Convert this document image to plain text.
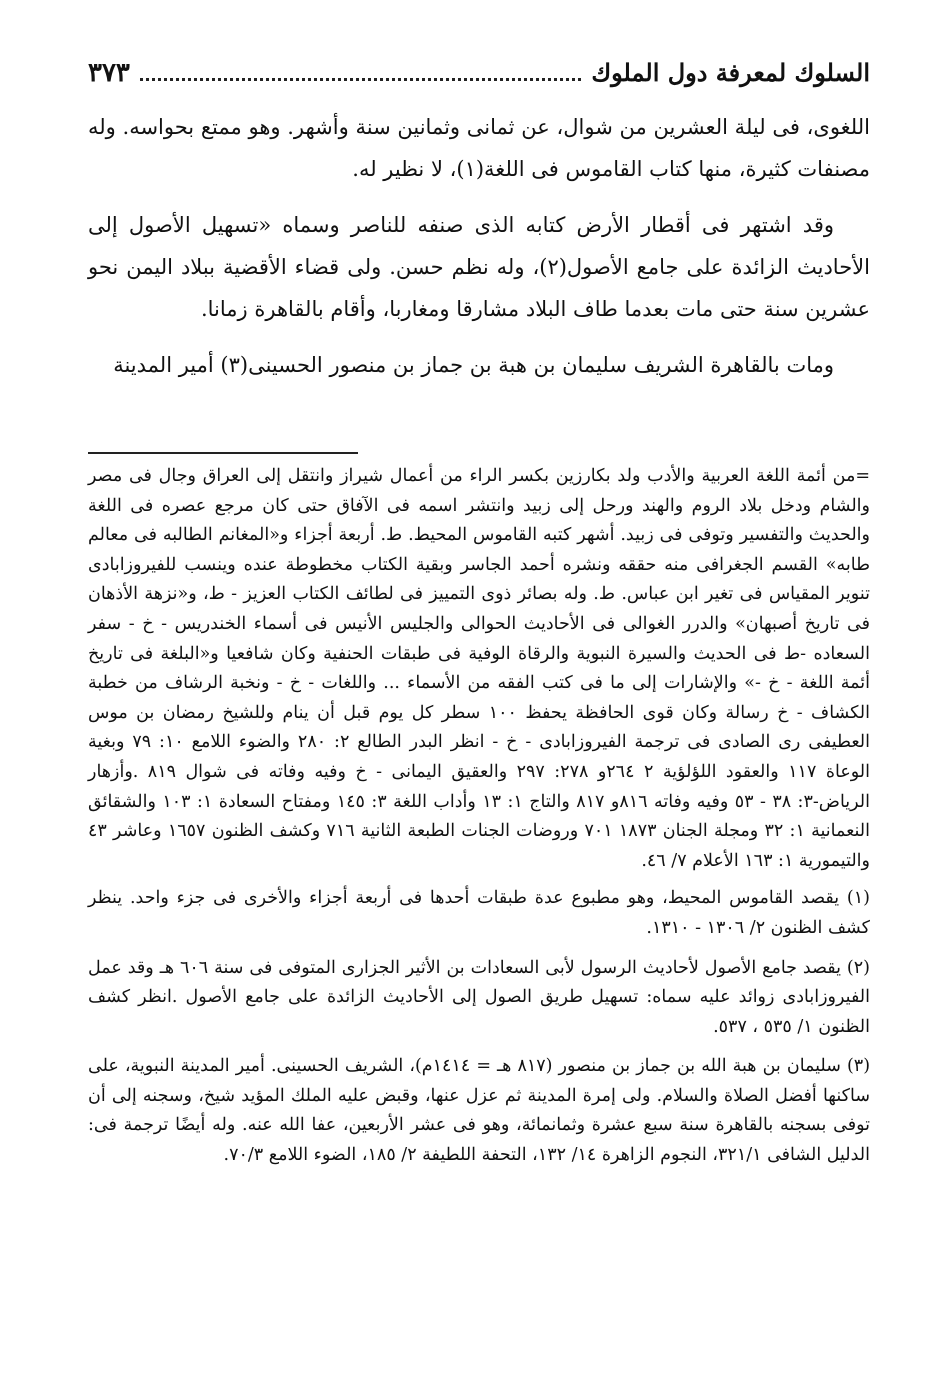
السلوك لمعرفة دول الملوك
٣٧٣

اللغوى، فى ليلة العشرين من شوال، عن ثمانى وثمانين سنة وأشهر. وهو ممتع بحواسه. وله مصنفات كثيرة، منها كتاب القاموس فى اللغة(١)، لا نظير له.

وقد اشتهر فى أقطار الأرض كتابه الذى صنفه للناصر وسماه «تسهيل الأصول إلى الأحاديث الزائدة على جامع الأصول(٢)، وله نظم حسن. ولى قضاء الأقضية ببلاد اليمن نحو عشرين سنة حتى مات بعدما طاف البلاد مشارقا ومغاربا، وأقام بالقاهرة زمانا.

ومات بالقاهرة الشريف سليمان بن هبة بن جماز بن منصور الحسينى(٣) أمير المدينة

=من أئمة اللغة العربية والأدب ولد بكارزين بكسر الراء من أعمال شيراز وانتقل إلى العراق وجال فى مصر والشام ودخل بلاد الروم والهند ورحل إلى زبيد وانتشر اسمه فى الآفاق حتى كان مرجع عصره فى اللغة والحديث والتفسير وتوفى فى زبيد. أشهر كتبه القاموس المحيط. ط. أربعة أجزاء و«المغانم الطالبه فى معالم طابه» القسم الجغرافى منه حققه ونشره أحمد الجاسر وبقية الكتاب مخطوطة عنده وينسب للفيروزابادى تنوير المقياس فى تغير ابن عباس. ط. وله بصائر ذوى التمييز فى لطائف الكتاب العزيز - ط، و«نزهة الأذهان فى تاريخ أصبهان» والدرر الغوالى فى الأحاديث الحوالى والجليس الأنيس فى أسماء الخندريس - خ - سفر السعاده -ط فى الحديث والسيرة النبوية والرقاة الوفية فى طبقات الحنفية وكان شافعيا و«البلغة فى تاريخ أئمة اللغة - خ -» والإشارات إلى ما فى كتب الفقه من الأسماء ... واللغات - خ - ونخبة الرشاف من خطبة الكشاف - خ رسالة وكان قوى الحافظة يحفظ ١٠٠ سطر كل يوم قبل أن ينام وللشيخ رمضان بن موس العطيفى رى الصادى فى ترجمة الفيروزابادى - خ - انظر البدر الطالع ٢: ٢٨٠ والضوء اللامع ١٠: ٧٩ وبغية الوعاة ١١٧ والعقود اللؤلؤية ٢ ٢٦٤و ٢٧٨: ٢٩٧ والعقيق اليمانى - خ وفيه وفاته فى شوال ٨١٩ .وأزهار الرياض-٣: ٣٨ - ٥٣ وفيه وفاته ٨١٦و ٨١٧ والتاج ١: ١٣ وأداب اللغة ٣: ١٤٥ ومفتاح السعادة ١: ١٠٣ والشقائق النعمانية ١: ٣٢ ومجلة الجنان ١٨٧٣ ٧٠١ وروضات الجنات الطبعة الثانية ٧١٦ وكشف الظنون ١٦٥٧ وعاشر ٤٣ والتيمورية ١: ١٦٣ الأعلام ٧/ ٤٦.

(١) يقصد القاموس المحيط، وهو مطبوع عدة طبقات أحدها فى أربعة أجزاء والأخرى فى جزء واحد. ينظر كشف الظنون ٢/ ١٣٠٦ - ١٣١٠.

(٢) يقصد جامع الأصول لأحاديث الرسول لأبى السعادات بن الأثير الجزارى المتوفى فى سنة ٦٠٦ هـ وقد عمل الفيروزابادى زوائد عليه سماه: تسهيل طريق الصول إلى الأحاديث الزائدة على جامع الأصول .انظر كشف الظنون ١/ ٥٣٥ ، ٥٣٧.

(٣) سليمان بن هبة الله بن جماز بن منصور (٨١٧ هـ = ١٤١٤م)، الشريف الحسينى. أمير المدينة النبوية، على ساكنها أفضل الصلاة والسلام. ولى إمرة المدينة ثم عزل عنها، وقبض عليه الملك المؤيد شيخ، وسجنه إلى أن توفى بسجنه بالقاهرة سنة سبع عشرة وثمانمائة، وهو فى عشر الأربعين، عفا الله عنه. وله أيضًا ترجمة فى: الدليل الشافى ٣٢١/١، النجوم الزاهرة ١٤/ ١٣٢، التحفة اللطيفة ٢/ ١٨٥، الضوء اللامع ٧٠/٣.
